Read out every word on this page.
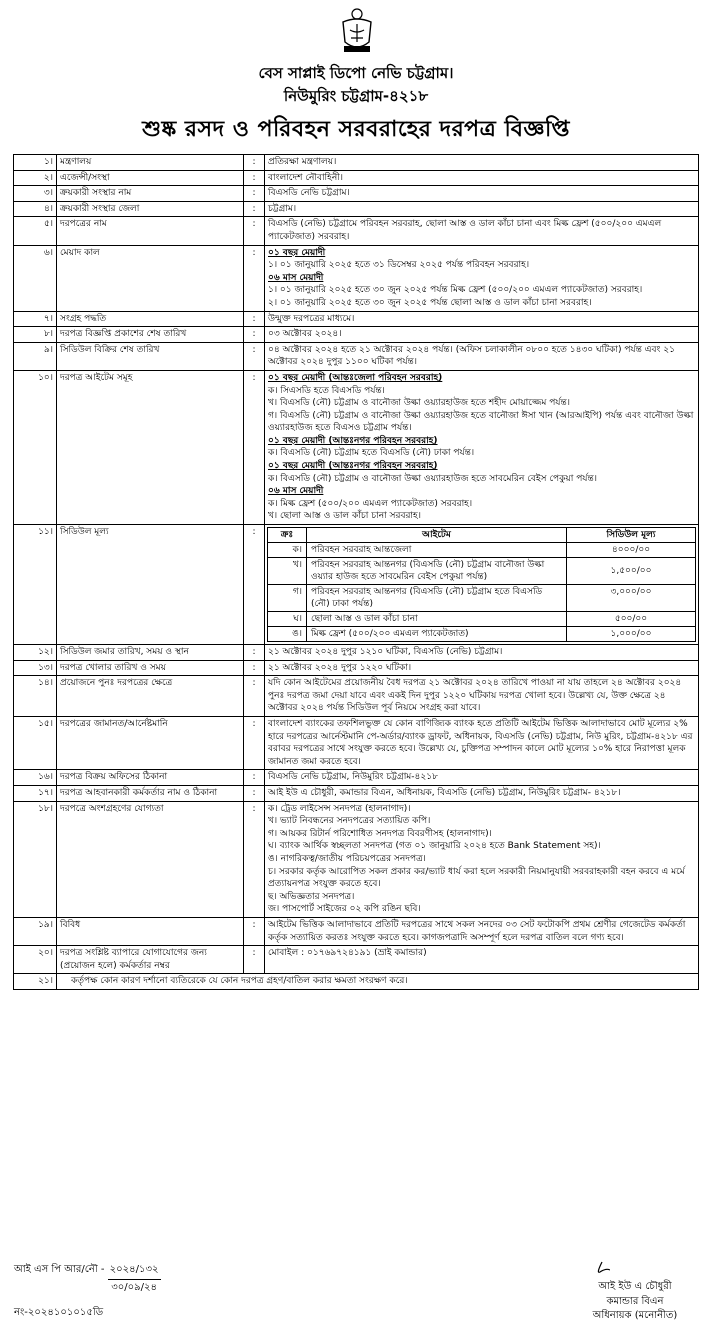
বেস সাপ্লাই ডিপো নেভি চট্টগ্রাম।
নিউমুরিং চট্টগ্রাম-৪২১৮
শুষ্ক রসদ ও পরিবহন সরবরাহের দরপত্র বিজ্ঞপ্তি
১।	মন্ত্রণালয়	:	প্রতিরক্ষা মন্ত্রণালয়।
২।	এজেন্সী/সংস্থা	:	বাংলাদেশ নৌবাহিনী।
৩।	ক্রয়কারী সংস্থার নাম	:	বিএসডি নেভি চট্টগ্রাম।
৪।	ক্রয়কারী সংস্থার জেলা	:	চট্টগ্রাম।
৫।	দরপত্রের নাম	:	বিএসডি (নেভি) চট্টগ্রামে পরিবহন সরবরাহ, ছোলা আস্ত ও ডাল কাঁচা চানা এবং মিল্ক ফ্রেশ (৫০০/২০০ এমএল প্যাকেটজাত) সরবরাহ।
৬।	মেয়াদ কাল	:	০১ বছর মেয়াদী
১। ০১ জানুয়ারি ২০২৫ হতে ৩১ ডিসেম্বর ২০২৫ পর্যন্ত পরিবহন সরবরাহ।
০৬ মাস মেয়াদী
১। ০১ জানুয়ারি ২০২৫ হতে ৩০ জুন ২০২৫ পর্যন্ত মিল্ক ফ্রেশ (৫০০/২০০ এমএল প্যাকেটজাত) সরবরাহ।
২। ০১ জানুয়ারি ২০২৫ হতে ৩০ জুন ২০২৫ পর্যন্ত ছোলা আস্ত ও ডাল কাঁচা চানা সরবরাহ।

৭।	সংগ্রহ পদ্ধতি	:	উন্মুক্ত দরপত্রের মাধ্যমে।
৮।	দরপত্র বিজ্ঞপ্তি প্রকাশের শেষ তারিখ	:	০৩ অক্টোবর ২০২৪।
৯।	সিডিউল বিক্রির শেষ তারিখ	:	০৪ অক্টোবর ২০২৪ হতে ২১ অক্টোবর ২০২৪ পর্যন্ত। (অফিস চলাকালীন ০৮০০ হতে ১৪৩০ ঘটিকা) পর্যন্ত এবং ২১ অক্টোবর ২০২৪ দুপুর ১১০০ ঘটিকা পর্যন্ত।
১০।	দরপত্র আইটেম সমূহ	:	০১ বছর মেয়াদী (আন্তঃজেলা পরিবহন সরবরাহ)
ক। সিএসডি হতে বিএসডি পর্যন্ত।
খ। বিএসডি (নৌ) চট্টগ্রাম ও বানৌজা উল্কা ওয়্যারহাউজ হতে শহীদ মোয়াজ্জেম পর্যন্ত।
গ। বিএসডি (নৌ) চট্টগ্রাম ও বানৌজা উল্কা ওয়্যারহাউজ হতে বানৌজা ঈসা খান (আরআইপি) পর্যন্ত এবং বানৌজা উল্কা ওয়্যারহাউজ হতে বিএসও চট্টগ্রাম পর্যন্ত।
০১ বছর মেয়াদী (আন্তঃনগর পরিবহন সরবরাহ)
ক। বিএসডি (নৌ) চট্টগ্রাম হতে বিএসডি (নৌ) ঢাকা পর্যন্ত।
০১ বছর মেয়াদী (আন্তঃনগর পরিবহন সরবরাহ)
ক। বিএসডি (নৌ) চট্টগ্রাম ও বানৌজা উল্কা ওয়্যারহাউজ হতে সাবমেরিন বেইস পেকুয়া পর্যন্ত।
০৬ মাস মেয়াদী
ক। মিল্ক ফ্রেশ (৫০০/২০০ এমএল প্যাকেটজাত) সরবরাহ।
খ। ছোলা আস্ত ও ডাল কাঁচা চানা সরবরাহ।

১১।	সিডিউল মূল্য	:		ক্রঃ	আইটেম	সিডিউল মূল্য
ক।	পরিবহন সরবরাহ আন্তজেলা	৪০০০/০০
খ।	পরিবহন সরবরাহ আন্তনগর (বিএসডি (নৌ) চট্টগ্রাম বানৌজা উল্কা ওয়্যার হাউজ হতে সাবমেরিন বেইস পেকুয়া পর্যন্ত)	১,৫০০/০০
গ।	পরিবহন সরবরাহ আন্তনগর (বিএসডি (নৌ) চট্টগ্রাম হতে বিএসডি (নৌ) ঢাকা পর্যন্ত)	৩,০০০/০০
ঘ।	ছোলা আস্ত ও ডাল কাঁচা চানা	৫০০/০০
ঙ।	মিল্ক ফ্রেশ (৫০০/২০০ এমএল প্যাকেটজাত)	১,০০০/০০

১২।	সিডিউল জমার তারিখ, সময় ও স্থান	:	২১ অক্টোবর ২০২৪ দুপুর ১২১০ ঘটিকা, বিএসডি (নেভি) চট্টগ্রাম।
১৩।	দরপত্র খোলার তারিখ ও সময়	:	২১ অক্টোবর ২০২৪ দুপুর ১২২০ ঘটিকা।
১৪।	প্রয়োজনে পুনঃ দরপত্রের ক্ষেত্রে	:	যদি কোন আইটেমের প্রয়োজনীয় বৈধ দরপত্র ২১ অক্টোবর ২০২৪ তারিখে পাওয়া না যায় তাহলে ২৪ অক্টোবর ২০২৪ পুনঃ দরপত্র জমা দেয়া যাবে এবং একই দিন দুপুর ১২২০ ঘটিকায় দরপত্র খোলা হবে। উল্লেখ্য যে, উক্ত ক্ষেত্রে ২৪ অক্টোবর ২০২৪ পর্যন্ত সিডিউল পূর্ব নিয়মে সংগ্রহ করা যাবে।
১৫।	দরপত্রের জামানত/আর্নেষ্টমানি	:	বাংলাদেশ ব্যাংকের তফশিলভুক্ত যে কোন বাণিজ্যিক ব্যাংক হতে প্রতিটি আইটেম ভিত্তিক আলাদাভাবে মোট মূল্যের ২% হারে দরপত্রের আর্নেস্টমানি পে-অর্ডার/ব্যাংক ড্রাফট, অধিনায়ক, বিএসডি (নেভি) চট্টগ্রাম, নিউ মুরিং, চট্টগ্রাম-৪২১৮ এর বরাবর দরপত্রের সাথে সংযুক্ত করতে হবে। উল্লেখ্য যে, চুক্তিপত্র সম্পাদন কালে মোট মূল্যের ১০% হারে নিরাপত্তা মূলক জামানত জমা করতে হবে।
১৬।	দরপত্র বিক্রয় অফিসের ঠিকানা	:	বিএসডি নেভি চট্টগ্রাম, নিউমুরিং চট্টগ্রাম-৪২১৮
১৭।	দরপত্র আহবানকারী কর্মকর্তার নাম ও ঠিকানা	:	আই ইউ এ চৌধুরী, কমান্ডার বিএন, অধিনায়ক, বিএসডি (নেভি) চট্টগ্রাম, নিউমুরিং চট্টগ্রাম- ৪২১৮।
১৮।	দরপত্রে অংশগ্রহণের যোগ্যতা	:	ক। ট্রেড লাইসেন্স সনদপত্র (হালনাগাদ)।
খ। ভ্যাট নিবন্ধনের সনদপত্রের সত্যায়িত কপি।
গ। আয়কর রিটার্ন পরিশোধিত সনদপত্র বিবরণীসহ (হালনাগাদ)।
ঘ। ব্যাংক আর্থিক স্বচ্ছলতা সনদপত্র (গত ০১ জানুয়ারি ২০২৪ হতে Bank Statement সহ)।
ঙ। নাগরিকত্ব/জাতীয় পরিচয়পত্রের সনদপত্র।
চ। সরকার কর্তৃক আরোপিত সকল প্রকার কর/ভ্যাট ধার্য করা হলে সরকারী নিয়মানুযায়ী সরবরাহকারী বহন করবে এ মর্মে প্রত্যায়নপত্র সংযুক্ত করতে হবে।
ছ। অভিজ্ঞতার সনদপত্র।
জ। পাসপোর্ট সাইজের ০২ কপি রঙিন ছবি।

১৯।	বিবিধ	:	আইটেম ভিত্তিক আলাদাভাবে প্রতিটি দরপত্রের সাথে সকল সনদের ০৩ সেট ফটোকপি প্রথম শ্রেণীর গেজেটেড কর্মকর্তা কর্তৃক সত্যায়িত করতঃ সংযুক্ত করতে হবে। কাগজপত্রাদি অসম্পূর্ণ হলে দরপত্র বাতিল বলে গণ্য হবে।
২০।	দরপত্র সংশ্লিষ্ট ব্যাপারে যোগাযোগের জন্য (প্রয়োজন হলে) কর্মকর্তার নম্বর	:	মোবাইল : ০১৭৬৯৭২৪১৯১ (ভ্রাই কমান্ডার)
২১।	কর্তৃপক্ষ কোন কারণ দর্শানো ব্যতিরেকে যে কোন দরপত্র গ্রহণ/বাতিল করার ক্ষমতা সংরক্ষণ করে।
আই এস পি আর/নৌ - ২০২৪/১৩২
৩০/০৯/২৪
নং-২০২৪১০১০১৫ডি
আই ইউ এ চৌধুরী
কমান্ডার বিএন
অধিনায়ক (মনোনীত)
